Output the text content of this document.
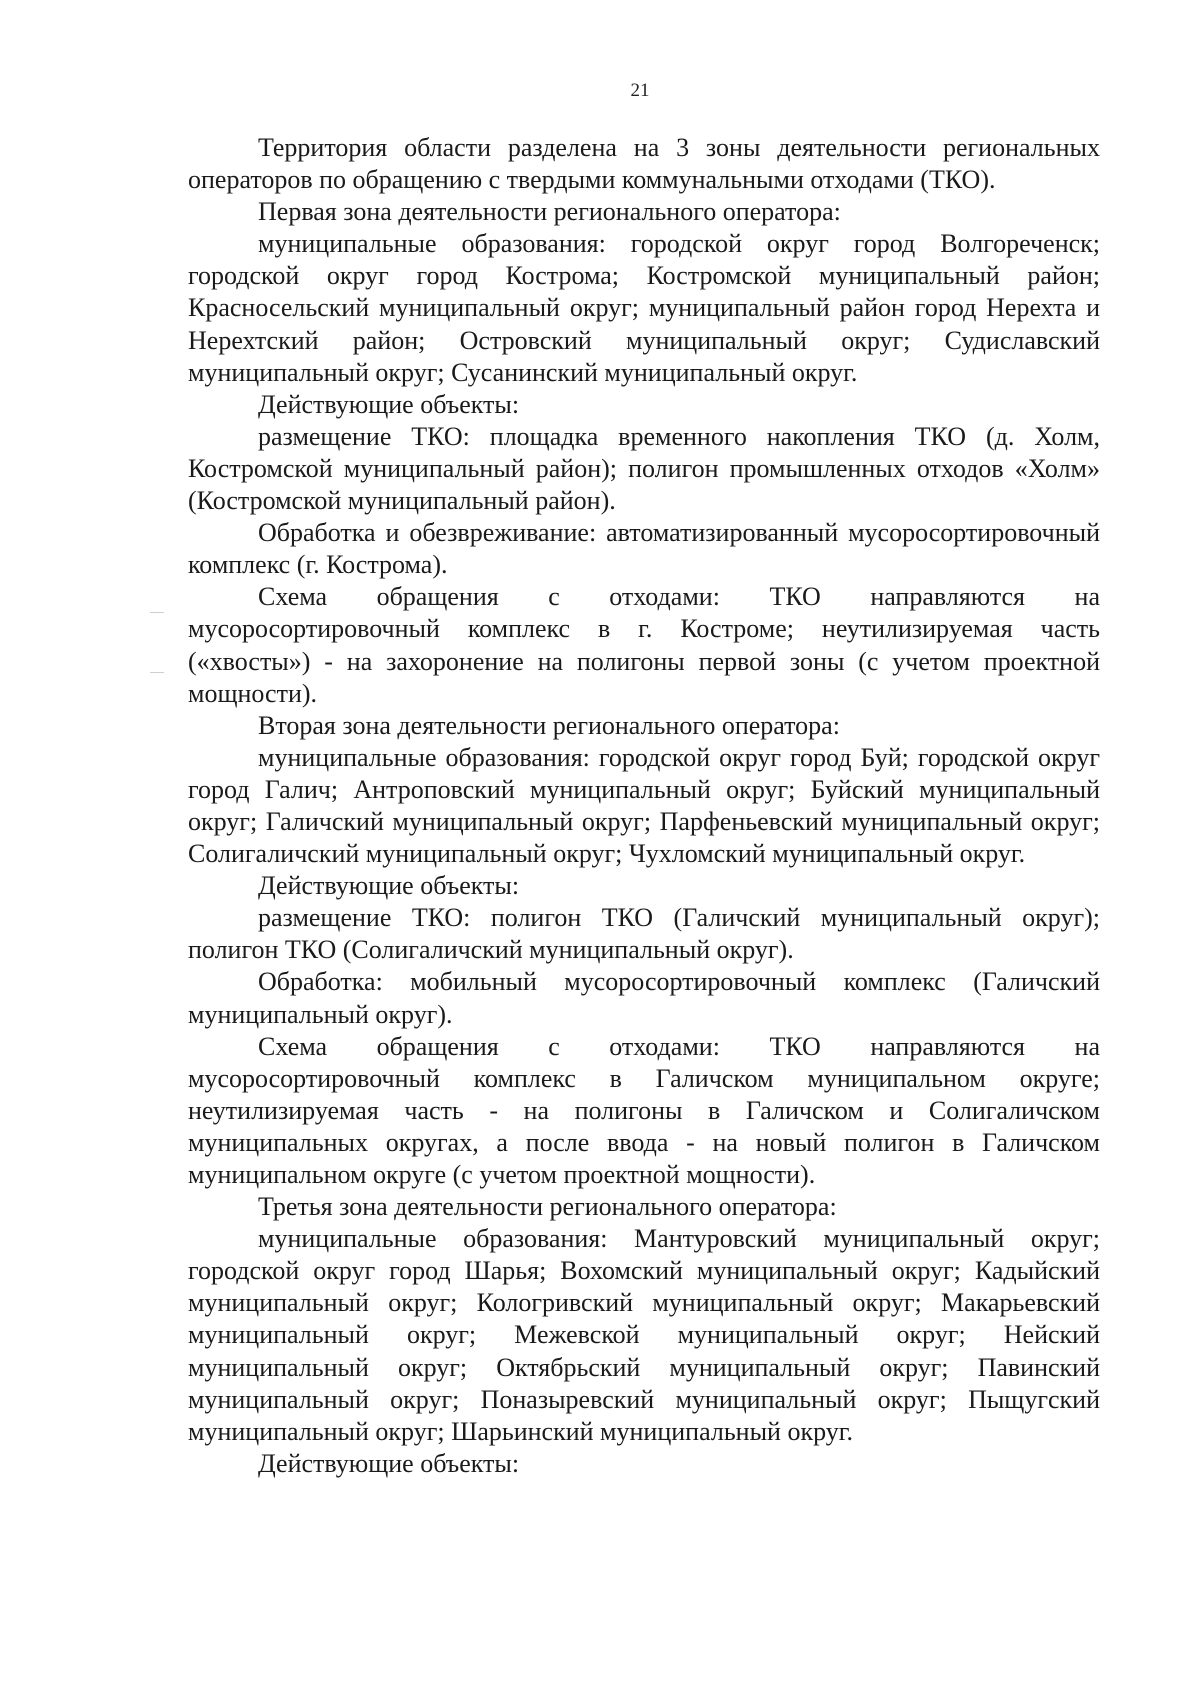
21

Территория области разделена на 3 зоны деятельности региональных операторов по обращению с твердыми коммунальными отходами (ТКО).

Первая зона деятельности регионального оператора:

муниципальные образования: городской округ город Волгореченск; городской округ город Кострома; Костромской муниципальный район; Красносельский муниципальный округ; муниципальный район город Нерехта и Нерехтский район; Островский муниципальный округ; Судиславский муниципальный округ; Сусанинский муниципальный округ.

Действующие объекты:

размещение ТКО: площадка временного накопления ТКО (д. Холм, Костромской муниципальный район); полигон промышленных отходов «Холм» (Костромской муниципальный район).

Обработка и обезвреживание: автоматизированный мусоросортировочный комплекс (г. Кострома).

Схема обращения с отходами: ТКО направляются на мусоросортировочный комплекс в г. Костроме; неутилизируемая часть («хвосты») - на захоронение на полигоны первой зоны (с учетом проектной мощности).

Вторая зона деятельности регионального оператора:

муниципальные образования: городской округ город Буй; городской округ город Галич; Антроповский муниципальный округ; Буйский муниципальный округ; Галичский муниципальный округ; Парфеньевский муниципальный округ; Солигаличский муниципальный округ; Чухломский муниципальный округ.

Действующие объекты:

размещение ТКО: полигон ТКО (Галичский муниципальный округ); полигон ТКО (Солигаличский муниципальный округ).

Обработка: мобильный мусоросортировочный комплекс (Галичский муниципальный округ).

Схема обращения с отходами: ТКО направляются на мусоросортировочный комплекс в Галичском муниципальном округе; неутилизируемая часть - на полигоны в Галичском и Солигаличском муниципальных округах, а после ввода - на новый полигон в Галичском муниципальном округе (с учетом проектной мощности).

Третья зона деятельности регионального оператора:

муниципальные образования: Мантуровский муниципальный округ; городской округ город Шарья; Вохомский муниципальный округ; Кадыйский муниципальный округ; Кологривский муниципальный округ; Макарьевский муниципальный округ; Межевской муниципальный округ; Нейский муниципальный округ; Октябрьский муниципальный округ; Павинский муниципальный округ; Поназыревский муниципальный округ; Пыщугский муниципальный округ; Шарьинский муниципальный округ.

Действующие объекты:
